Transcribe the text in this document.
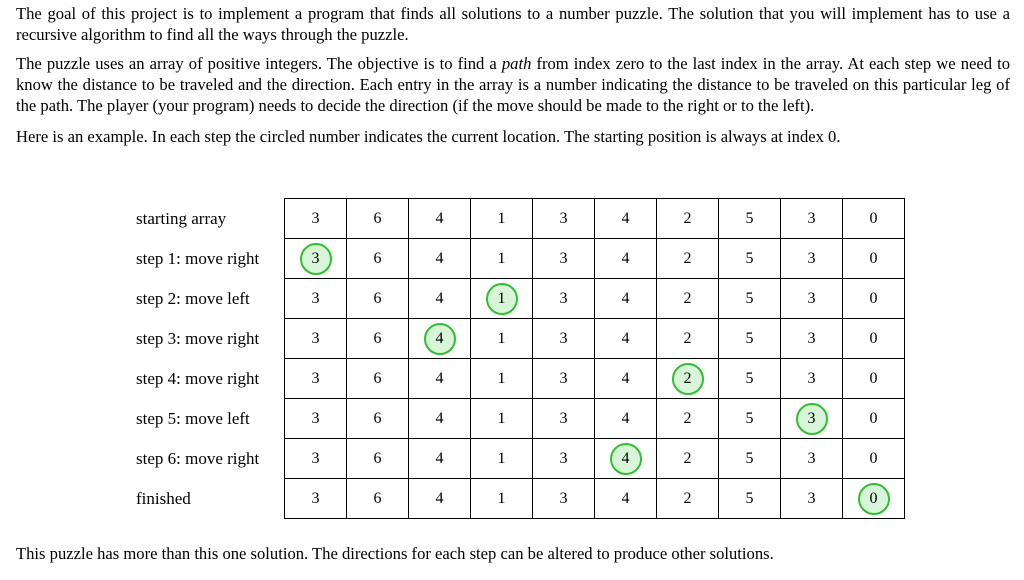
The goal of this project is to implement a program that finds all solutions to a number puzzle. The solution that you will implement has to use a recursive algorithm to find all the ways through the puzzle.

The puzzle uses an array of positive integers. The objective is to find a path from index zero to the last index in the array. At each step we need to know the distance to be traveled and the direction. Each entry in the array is a number indicating the distance to be traveled on this particular leg of the path. The player (your program) needs to decide the direction (if the move should be made to the right or to the left).

Here is an example. In each step the circled number indicates the current location. The starting position is always at index 0.

starting array	3	6	4	1	3	4	2	5	3	0
step 1: move right	3	6	4	1	3	4	2	5	3	0
step 2: move left	3	6	4	1	3	4	2	5	3	0
step 3: move right	3	6	4	1	3	4	2	5	3	0
step 4: move right	3	6	4	1	3	4	2	5	3	0
step 5: move left	3	6	4	1	3	4	2	5	3	0
step 6: move right	3	6	4	1	3	4	2	5	3	0
finished	3	6	4	1	3	4	2	5	3	0

This puzzle has more than this one solution. The directions for each step can be altered to produce other solutions.
